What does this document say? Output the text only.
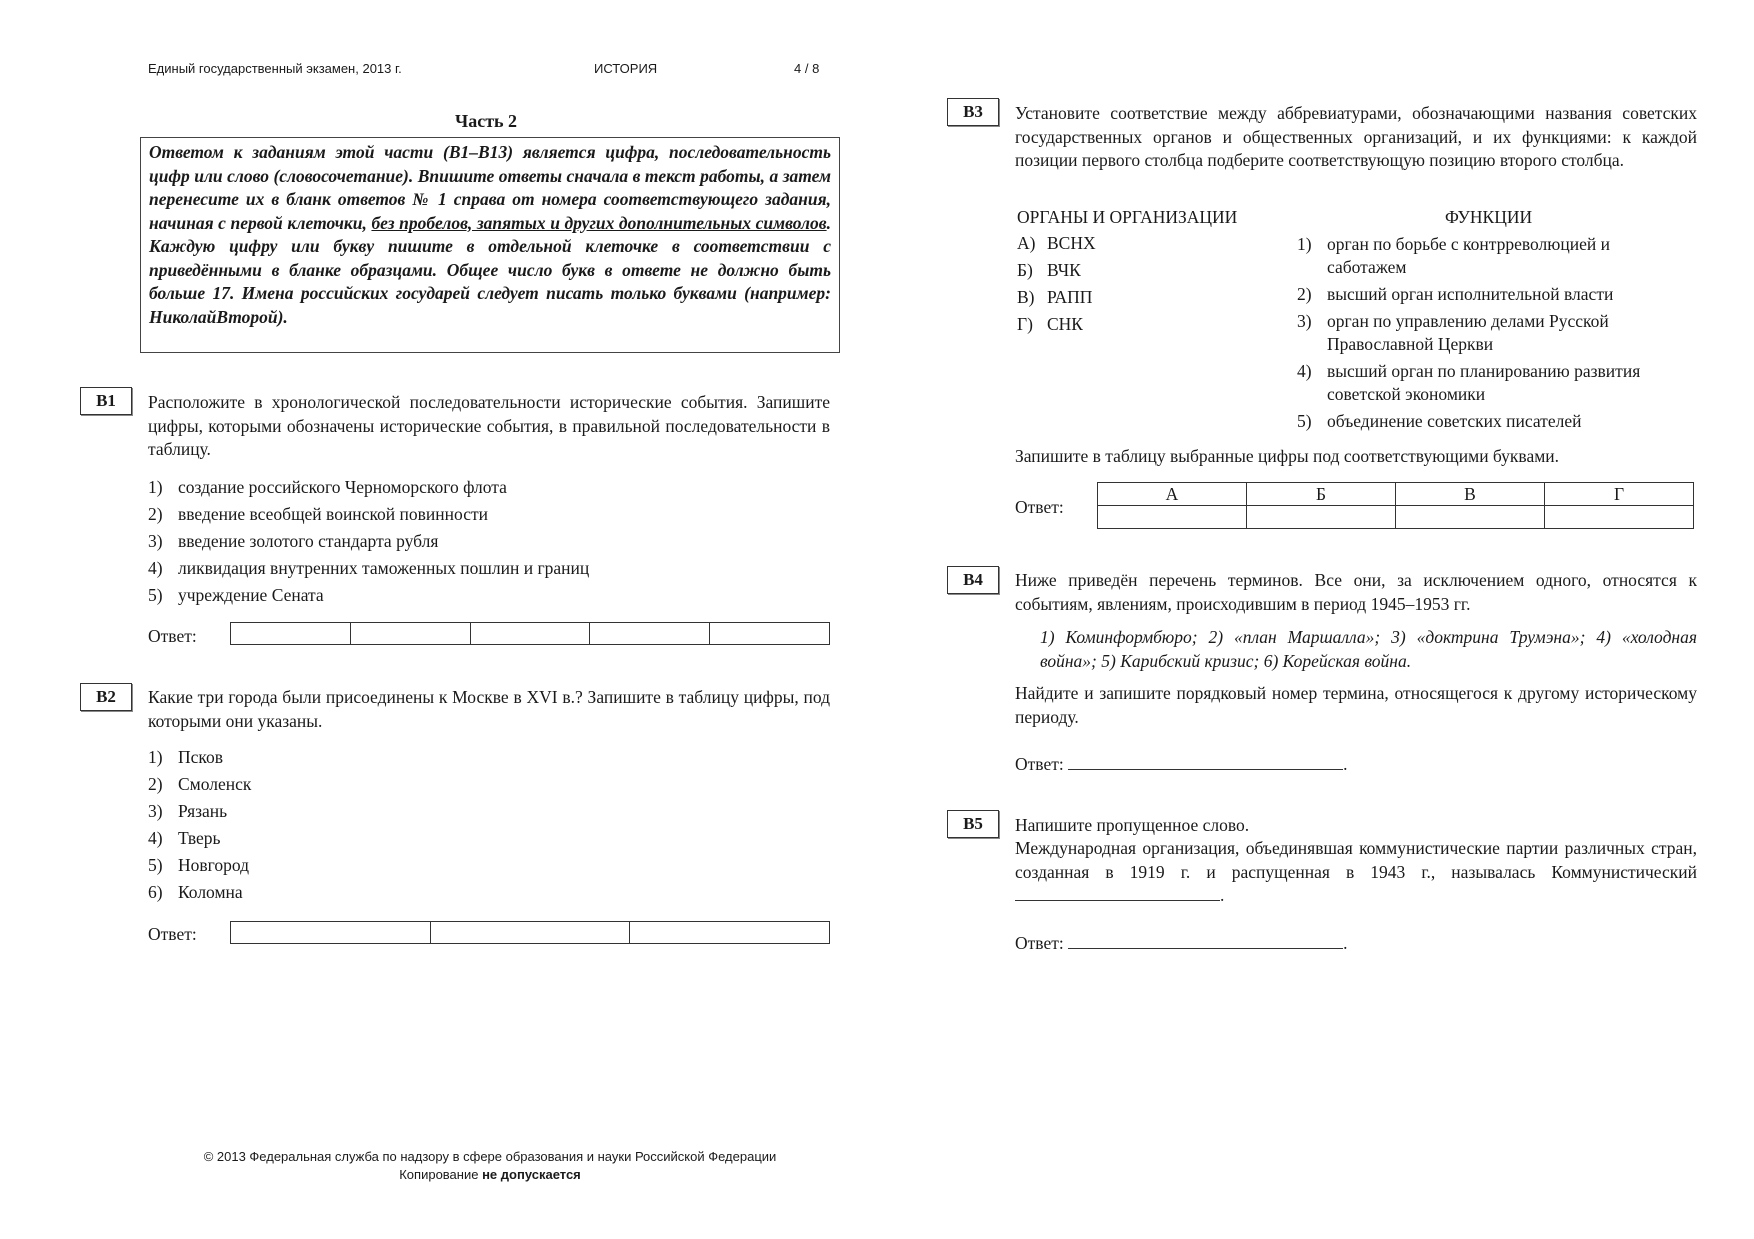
Единый государственный экзамен, 2013 г.	ИСТОРИЯ	4 / 8
Часть 2
Ответом к заданиям этой части (В1–В13) является цифра, последовательность цифр или слово (словосочетание). Впишите ответы сначала в текст работы, а затем перенесите их в бланк ответов № 1 справа от номера соответствующего задания, начиная с первой клеточки, без пробелов, запятых и других дополнительных символов. Каждую цифру или букву пишите в отдельной клеточке в соответствии с приведёнными в бланке образцами. Общее число букв в ответе не должно быть больше 17. Имена российских государей следует писать только буквами (например: НиколайВторой).
B1	Расположите в хронологической последовательности исторические события. Запишите цифры, которыми обозначены исторические события, в правильной последовательности в таблицу.
1) создание российского Черноморского флота
2) введение всеобщей воинской повинности
3) введение золотого стандарта рубля
4) ликвидация внутренних таможенных пошлин и границ
5) учреждение Сената
Ответ:
B2	Какие три города были присоединены к Москве в XVI в.? Запишите в таблицу цифры, под которыми они указаны.
1) Псков
2) Смоленск
3) Рязань
4) Тверь
5) Новгород
6) Коломна
Ответ:
B3	Установите соответствие между аббревиатурами, обозначающими названия советских государственных органов и общественных организаций, и их функциями: к каждой позиции первого столбца подберите соответствующую позицию второго столбца.
ОРГАНЫ И ОРГАНИЗАЦИИ	ФУНКЦИИ
А) ВСНХ
Б) ВЧК
В) РАПП
Г) СНК
1) орган по борьбе с контрреволюцией и саботажем
2) высший орган исполнительной власти
3) орган по управлению делами Русской Православной Церкви
4) высший орган по планированию развития советской экономики
5) объединение советских писателей
Запишите в таблицу выбранные цифры под соответствующими буквами.
Ответ:
А	Б	В	Г

B4	Ниже приведён перечень терминов. Все они, за исключением одного, относятся к событиям, явлениям, происходившим в период 1945–1953 гг.
1) Коминформбюро; 2) «план Маршалла»; 3) «доктрина Трумэна»; 4) «холодная война»; 5) Карибский кризис; 6) Корейская война.
Найдите и запишите порядковый номер термина, относящегося к другому историческому периоду.
Ответ:	.
B5	Напишите пропущенное слово.
Международная организация, объединявшая коммунистические партии различных стран, созданная в 1919 г. и распущенная в 1943 г., называлась Коммунистический .
Ответ:	.
© 2013 Федеральная служба по надзору в сфере образования и науки Российской Федерации
Копирование не допускается
